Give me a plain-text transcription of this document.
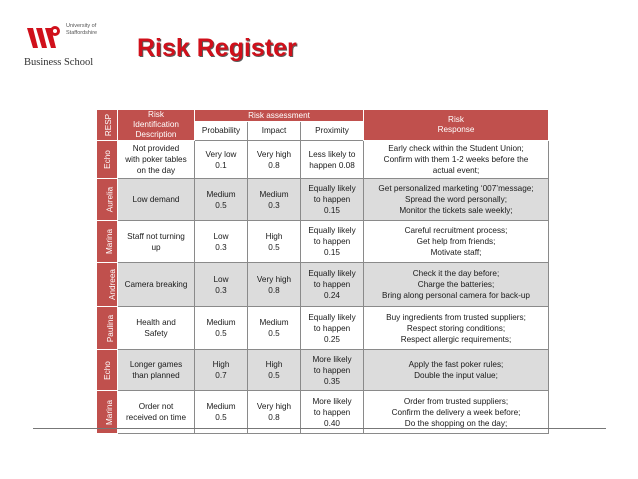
University of
Staffordshire
Business School
Risk Register
RESP	Risk
Identification
Description	Risk assessment			Risk
Response

		Probability	Impact	Proximity	
Echo	Not provided
with poker tables
on the day	Very low
0.1	Very high
0.8	Less likely to
happen 0.08	Early check within the Student Union;
Confirm with them 1-2 weeks before the
actual event;

Aurelia	Low demand	Medium
0.5	Medium
0.3	Equally likely
to happen
0.15	Get personalized marketing ‘007’message;
Spread the word personally;
Monitor the tickets sale weekly;

Marina	Staff not turning
up	Low
0.3	High
0.5	Equally likely
to happen
0.15	Careful recruitment process;
Get help from friends;
Motivate staff;

Andreea	Camera breaking	Low
0.3	Very high
0.8	Equally likely
to happen
0.24	Check it the day before;
Charge the batteries;
Bring along personal camera for back-up

Paulina	Health and
Safety	Medium
0.5	Medium
0.5	Equally likely
to happen
0.25	Buy ingredients from trusted suppliers;
Respect storing conditions;
Respect allergic requirements;

Echo	Longer games
than planned	High
0.7	High
0.5	More likely
to happen
0.35	Apply the fast poker rules;
Double the input value;

Marina	Order not
received on time	Medium
0.5	Very high
0.8	More likely
to happen
0.40	Order from trusted suppliers;
Confirm the delivery a week before;
Do the shopping on the day;
